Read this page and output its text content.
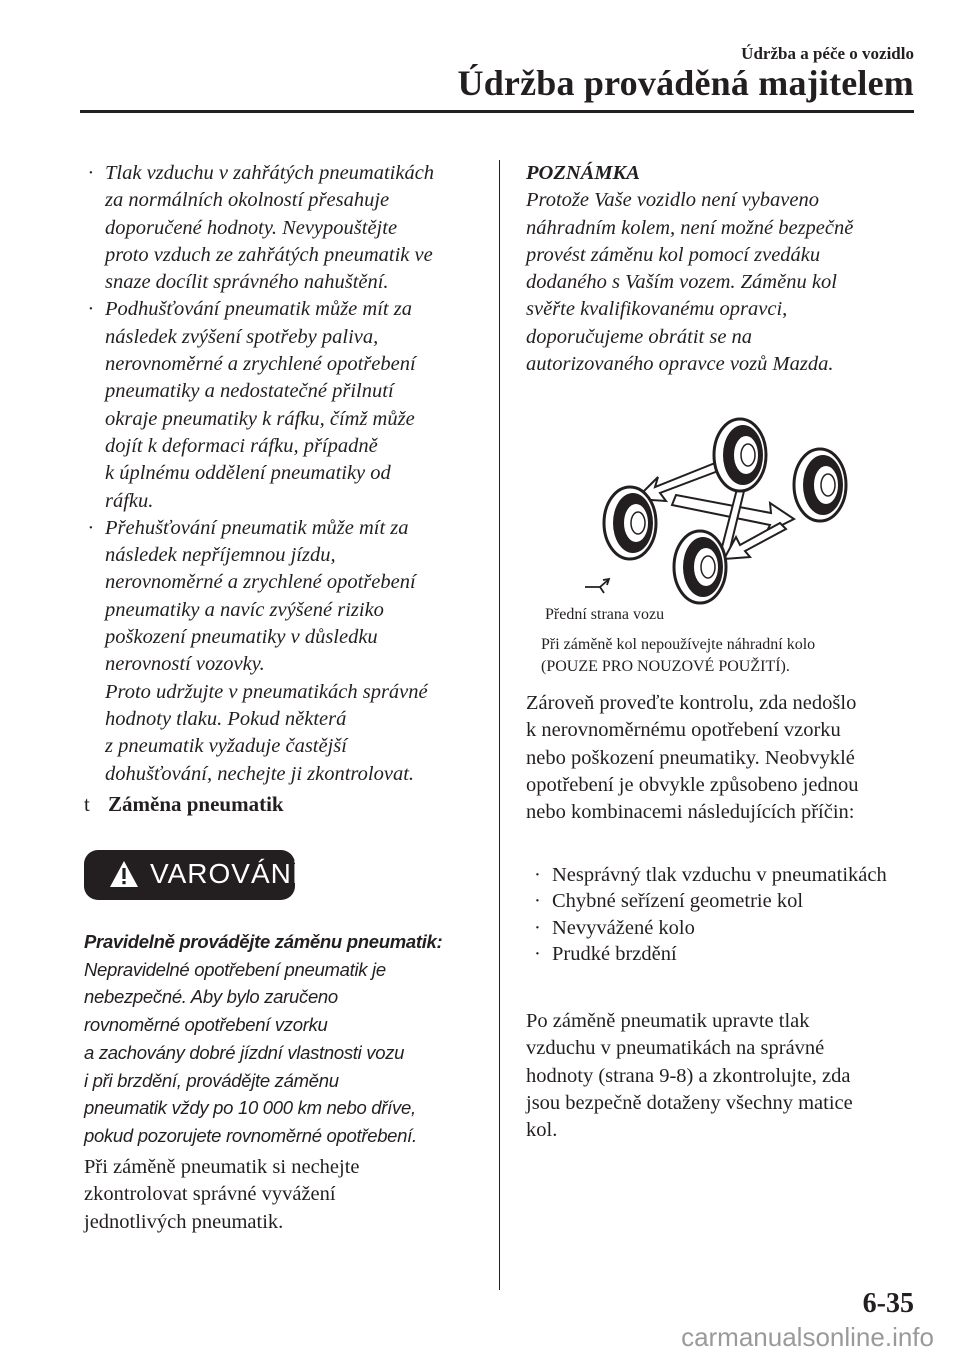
Údržba a péče o vozidlo
Údržba prováděná majitelem
· Tlak vzduchu v zahřátých pneumatikách
za normálních okolností přesahuje
doporučené hodnoty. Nevypouštějte
proto vzduch ze zahřátých pneumatik ve
snaze docílit správného nahuštění.
· Podhušťování pneumatik může mít za
následek zvýšení spotřeby paliva,
nerovnoměrné a zrychlené opotřebení
pneumatiky a nedostatečné přilnutí
okraje pneumatiky k ráfku, čímž může
dojít k deformaci ráfku, případně
k úplnému oddělení pneumatiky od
ráfku.
· Přehušťování pneumatik může mít za
následek nepříjemnou jízdu,
nerovnoměrné a zrychlené opotřebení
pneumatiky a navíc zvýšené riziko
poškození pneumatiky v důsledku
nerovností vozovky.
Proto udržujte v pneumatikách správné
hodnoty tlaku. Pokud některá
z pneumatik vyžaduje častější
dohušťování, nechejte ji zkontrolovat.
t Záměna pneumatik
VAROVÁNÍ
Pravidelně provádějte záměnu pneumatik:
Nepravidelné opotřebení pneumatik je
nebezpečné. Aby bylo zaručeno
rovnoměrné opotřebení vzorku
a zachovány dobré jízdní vlastnosti vozu
i při brzdění, provádějte záměnu
pneumatik vždy po 10 000 km nebo dříve,
pokud pozorujete rovnoměrné opotřebení.
Při záměně pneumatik si nechejte
zkontrolovat správné vyvážení
jednotlivých pneumatik.
POZNÁMKA
Protože Vaše vozidlo není vybaveno
náhradním kolem, není možné bezpečně
provést záměnu kol pomocí zvedáku
dodaného s Vaším vozem. Záměnu kol
svěřte kvalifikovanému opravci,
doporučujeme obrátit se na
autorizovaného opravce vozů Mazda.
Přední strana vozu
Při záměně kol nepoužívejte náhradní kolo
(POUZE PRO NOUZOVÉ POUŽITÍ).
Zároveň proveďte kontrolu, zda nedošlo
k nerovnoměrnému opotřebení vzorku
nebo poškození pneumatiky. Neobvyklé
opotřebení je obvykle způsobeno jednou
nebo kombinacemi následujících příčin:
· Nesprávný tlak vzduchu v pneumatikách
· Chybné seřízení geometrie kol
· Nevyvážené kolo
· Prudké brzdění
Po záměně pneumatik upravte tlak
vzduchu v pneumatikách na správné
hodnoty (strana 9-8) a zkontrolujte, zda
jsou bezpečně dotaženy všechny matice
kol.
6-35
carmanualsonline.info
